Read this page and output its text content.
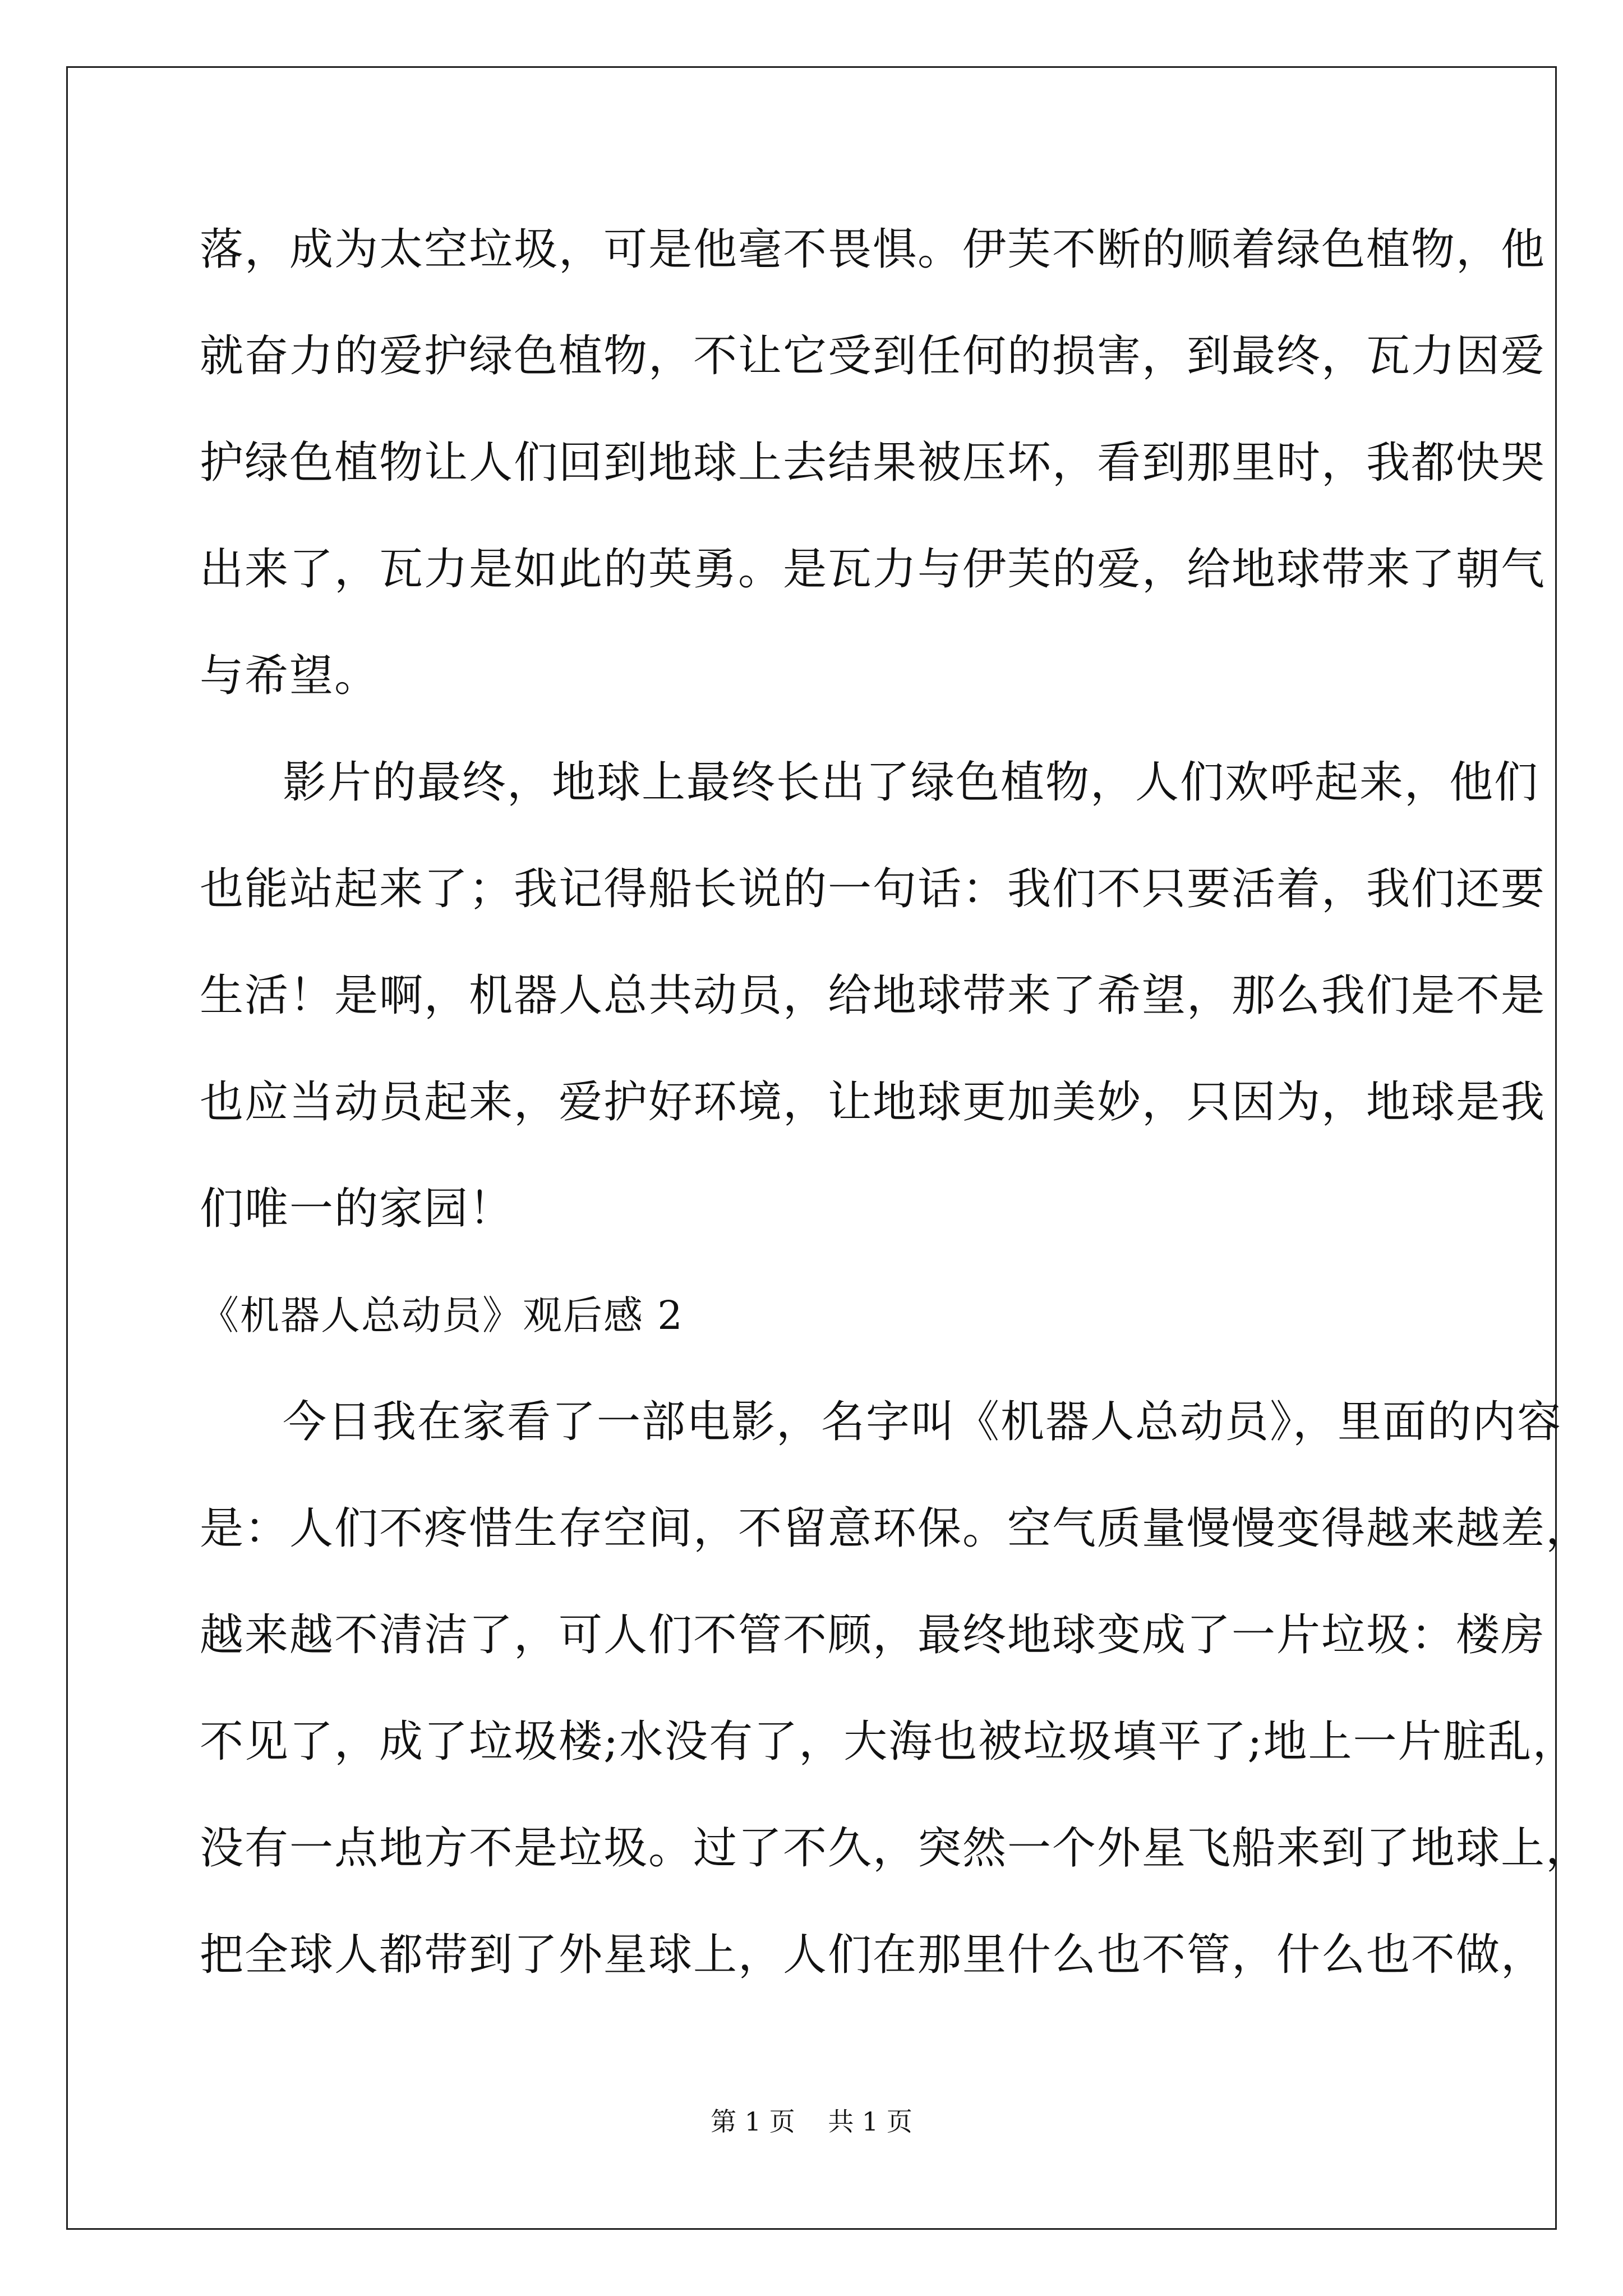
落，成为太空垃圾，可是他毫不畏惧。伊芙不断的顺着绿色植物，他

就奋力的爱护绿色植物，不让它受到任何的损害，到最终，瓦力因爱

护绿色植物让人们回到地球上去结果被压坏，看到那里时，我都快哭

出来了，瓦力是如此的英勇。是瓦力与伊芙的爱，给地球带来了朝气

与希望。

影片的最终，地球上最终长出了绿色植物，人们欢呼起来，他们

也能站起来了；我记得船长说的一句话：我们不只要活着，我们还要

生活！是啊，机器人总共动员，给地球带来了希望，那么我们是不是

也应当动员起来，爱护好环境，让地球更加美妙，只因为，地球是我

们唯一的家园！

《机器人总动员》观后感 2

今日我在家看了一部电影，名字叫《机器人总动员》，里面的内容

是：人们不疼惜生存空间，不留意环保。空气质量慢慢变得越来越差，

越来越不清洁了，可人们不管不顾，最终地球变成了一片垃圾：楼房

不见了，成了垃圾楼;水没有了，大海也被垃圾填平了;地上一片脏乱，

没有一点地方不是垃圾。过了不久，突然一个外星飞船来到了地球上，

把全球人都带到了外星球上，人们在那里什么也不管，什么也不做，

第 1 页 共 1 页
